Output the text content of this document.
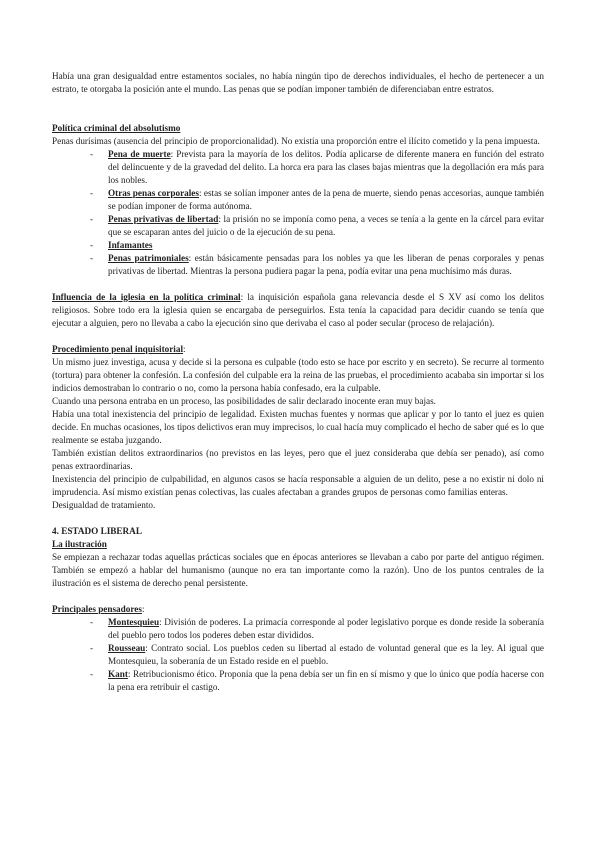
Había una gran desigualdad entre estamentos sociales, no había ningún tipo de derechos individuales, el hecho de pertenecer a un estrato, te otorgaba la posición ante el mundo. Las penas que se podían imponer también de diferenciaban entre estratos.

Política criminal del absolutismo

Penas durísimas (ausencia del principio de proporcionalidad). No existía una proporción entre el ilícito cometido y la pena impuesta.

- Pena de muerte: Prevista para la mayoría de los delitos. Podía aplicarse de diferente manera en función del estrato del delincuente y de la gravedad del delito. La horca era para las clases bajas mientras que la degollación era más para los nobles.
- Otras penas corporales: estas se solían imponer antes de la pena de muerte, siendo penas accesorias, aunque también se podían imponer de forma autónoma.
- Penas privativas de libertad: la prisión no se imponía como pena, a veces se tenía a la gente en la cárcel para evitar que se escaparan antes del juicio o de la ejecución de su pena.
- Infamantes
- Penas patrimoniales: están básicamente pensadas para los nobles ya que les liberan de penas corporales y penas privativas de libertad. Mientras la persona pudiera pagar la pena, podía evitar una pena muchísimo más duras.

Influencia de la iglesia en la política criminal: la inquisición española gana relevancia desde el S XV así como los delitos religiosos. Sobre todo era la iglesia quien se encargaba de perseguirlos. Esta tenía la capacidad para decidir cuando se tenía que ejecutar a alguien, pero no llevaba a cabo la ejecución sino que derivaba el caso al poder secular (proceso de relajación).

Procedimiento penal inquisitorial:

Un mismo juez investiga, acusa y decide si la persona es culpable (todo esto se hace por escrito y en secreto). Se recurre al tormento (tortura) para obtener la confesión. La confesión del culpable era la reina de las pruebas, el procedimiento acababa sin importar si los indicios demostraban lo contrario o no, como la persona había confesado, era la culpable.

Cuando una persona entraba en un proceso, las posibilidades de salir declarado inocente eran muy bajas.

Había una total inexistencia del principio de legalidad. Existen muchas fuentes y normas que aplicar y por lo tanto el juez es quien decide. En muchas ocasiones, los tipos delictivos eran muy imprecisos, lo cual hacía muy complicado el hecho de saber qué es lo que realmente se estaba juzgando.

También existían delitos extraordinarios (no previstos en las leyes, pero que el juez consideraba que debía ser penado), así como penas extraordinarias.

Inexistencia del principio de culpabilidad, en algunos casos se hacía responsable a alguien de un delito, pese a no existir ni dolo ni imprudencia. Así mismo existían penas colectivas, las cuales afectaban a grandes grupos de personas como familias enteras.

Desigualdad de tratamiento.

4. ESTADO LIBERAL

La ilustración

Se empiezan a rechazar todas aquellas prácticas sociales que en épocas anteriores se llevaban a cabo por parte del antiguo régimen. También se empezó a hablar del humanismo (aunque no era tan importante como la razón). Uno de los puntos centrales de la ilustración es el sistema de derecho penal persistente.

Principales pensadores:

- Montesquieu: División de poderes. La primacía corresponde al poder legislativo porque es donde reside la soberanía del pueblo pero todos los poderes deben estar divididos.
- Rousseau: Contrato social. Los pueblos ceden su libertad al estado de voluntad general que es la ley. Al igual que Montesquieu, la soberanía de un Estado reside en el pueblo.
- Kant: Retribucionismo ético. Proponía que la pena debía ser un fin en sí mismo y que lo único que podía hacerse con la pena era retribuir el castigo.
